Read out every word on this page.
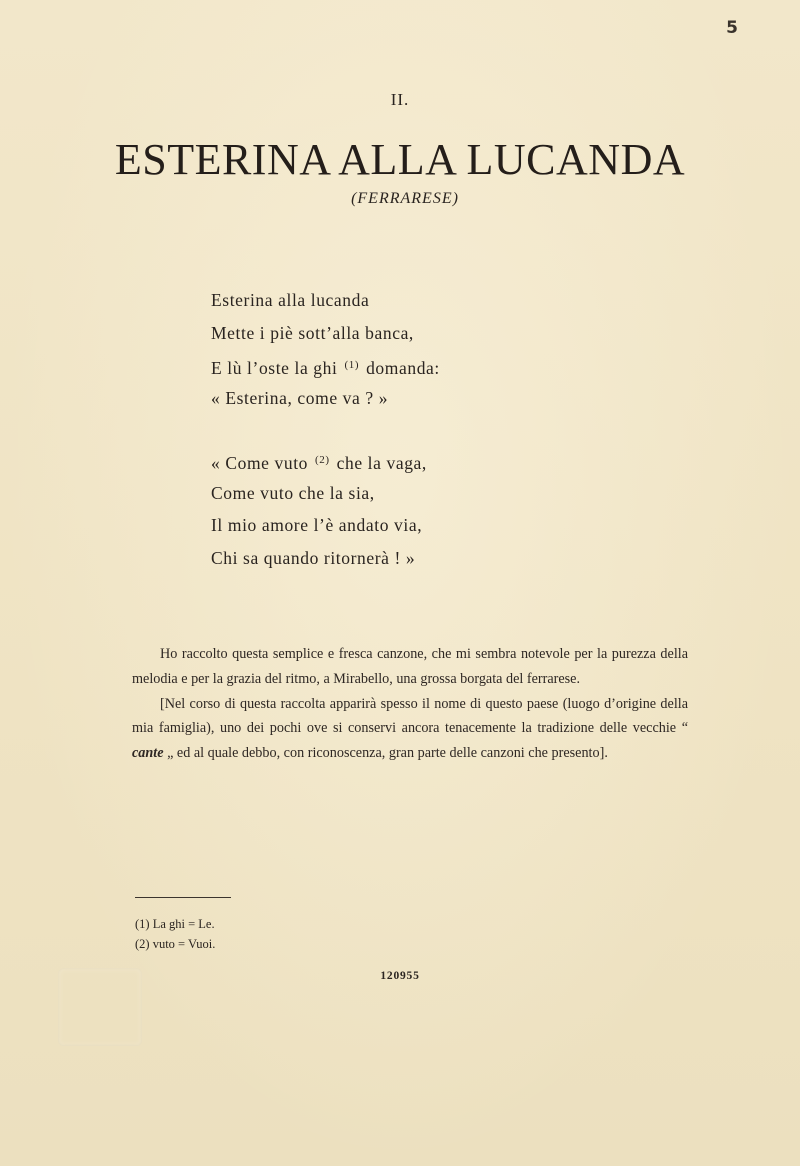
5
II.
ESTERINA ALLA LUCANDA
(FERRARESE)
Esterina alla lucanda
Mette i piè sott’alla banca,
E lù l’oste la ghi $^{(1)}$ domanda:
« Esterina, come va ? »
« Come vuto $^{(2)}$ che la vaga,
Come vuto che la sia,
Il mio amore l’è andato via,
Chi sa quando ritornerà ! »

Ho raccolto questa semplice e fresca canzone, che mi sembra notevole per la purezza della melodia e per la grazia del ritmo, a Mirabello, una grossa borgata del ferrarese.

[Nel corso di questa raccolta apparirà spesso il nome di questo paese (luogo d’origine della mia famiglia), uno dei pochi ove si conservi ancora tenacemente la tradizione delle vecchie “ cante „ ed al quale debbo, con riconoscenza, gran parte delle canzoni che presento].

(1) La ghi = Le.
(2) vuto = Vuoi.
120955
